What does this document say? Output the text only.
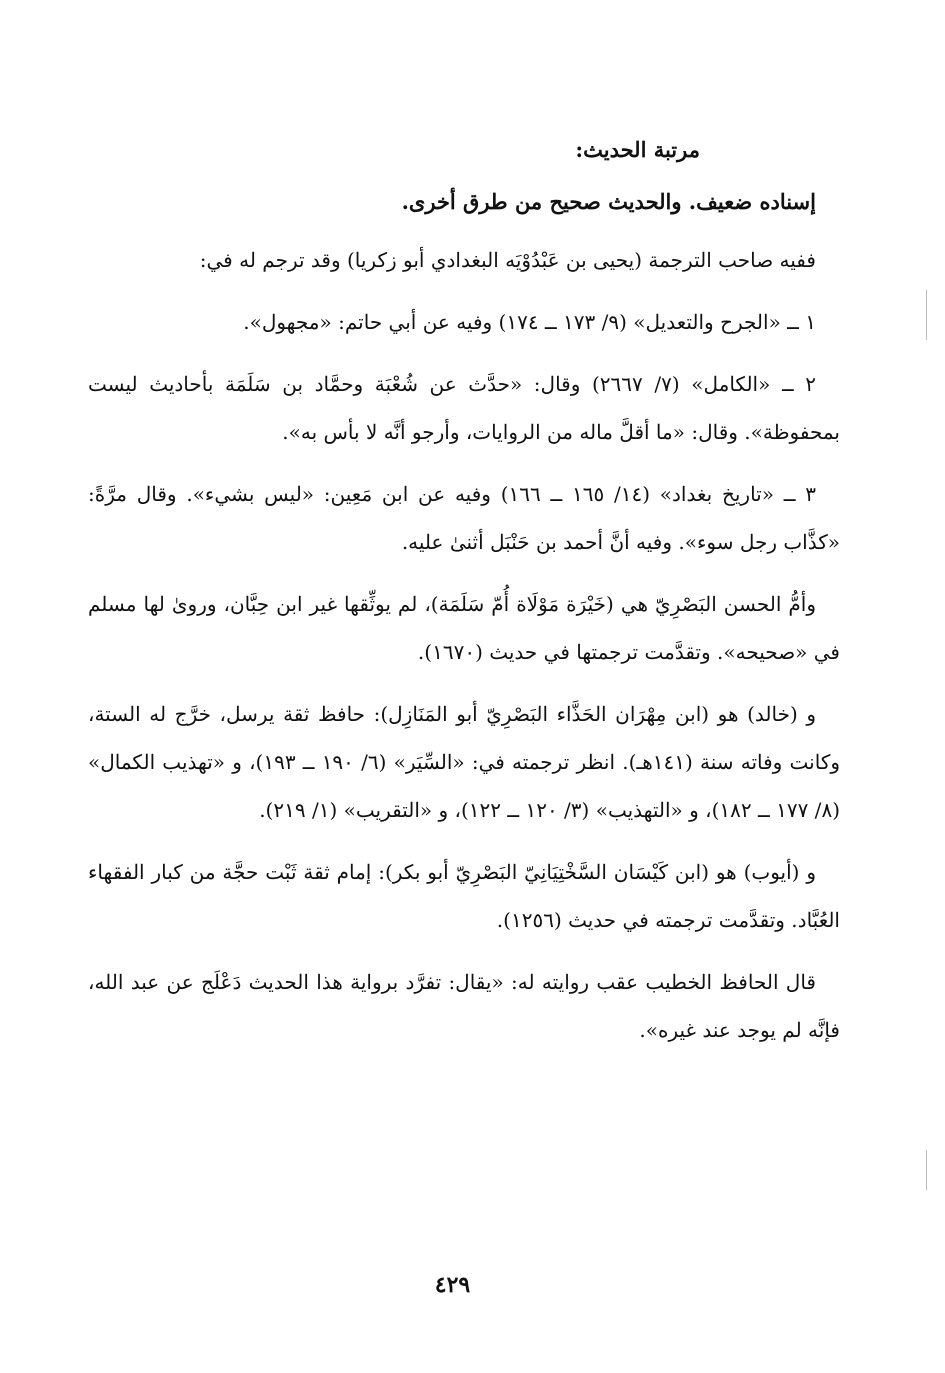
مرتبة الحديث:
إسناده ضعيف. والحديث صحيح من طرق أخرى.

ففيه صاحب الترجمة (يحيى بن عَبْدُوْيَه البغدادي أبو زكريا) وقد ترجم له في:

١ ــ «الجرح والتعديل» (٩/ ١٧٣ ــ ١٧٤) وفيه عن أبي حاتم: «مجهول».

٢ ــ «الكامل» (٧/ ٢٦٦٧) وقال: «حدَّث عن شُعْبَة وحمَّاد بن سَلَمَة بأحاديث ليست بمحفوظة». وقال: «ما أقلَّ ماله من الروايات، وأرجو أنَّه لا بأس به».

٣ ــ «تاريخ بغداد» (١٤/ ١٦٥ ــ ١٦٦) وفيه عن ابن مَعِين: «ليس بشيء». وقال مرَّةً: «كذَّاب رجل سوء». وفيه أنَّ أحمد بن حَنْبَل أثنىٰ عليه.

وأمُّ الحسن البَصْرِيّ هي (خَيْرَة مَوْلَاة أُمّ سَلَمَة)، لم يوثِّقها غير ابن حِبَّان، وروىٰ لها مسلم في «صحيحه». وتقدَّمت ترجمتها في حديث (١٦٧٠).

و (خالد) هو (ابن مِهْرَان الحَذَّاء البَصْرِيّ أبو المَنَازِل): حافظ ثقة يرسل، خرَّج له الستة، وكانت وفاته سنة (١٤١هـ). انظر ترجمته في: «السِّيَر» (٦/ ١٩٠ ــ ١٩٣)، و «تهذيب الكمال» (٨/ ١٧٧ ــ ١٨٢)، و «التهذيب» (٣/ ١٢٠ ــ ١٢٢)، و «التقريب» (١/ ٢١٩).

و (أيوب) هو (ابن كَيْسَان السَّخْتِيَانِيّ البَصْرِيّ أبو بكر): إمام ثقة ثَبْت حجَّة من كبار الفقهاء العُبَّاد. وتقدَّمت ترجمته في حديث (١٢٥٦).

قال الحافظ الخطيب عقب روايته له: «يقال: تفرَّد برواية هذا الحديث دَعْلَج عن عبد الله، فإنَّه لم يوجد عند غيره».

٤٢٩
